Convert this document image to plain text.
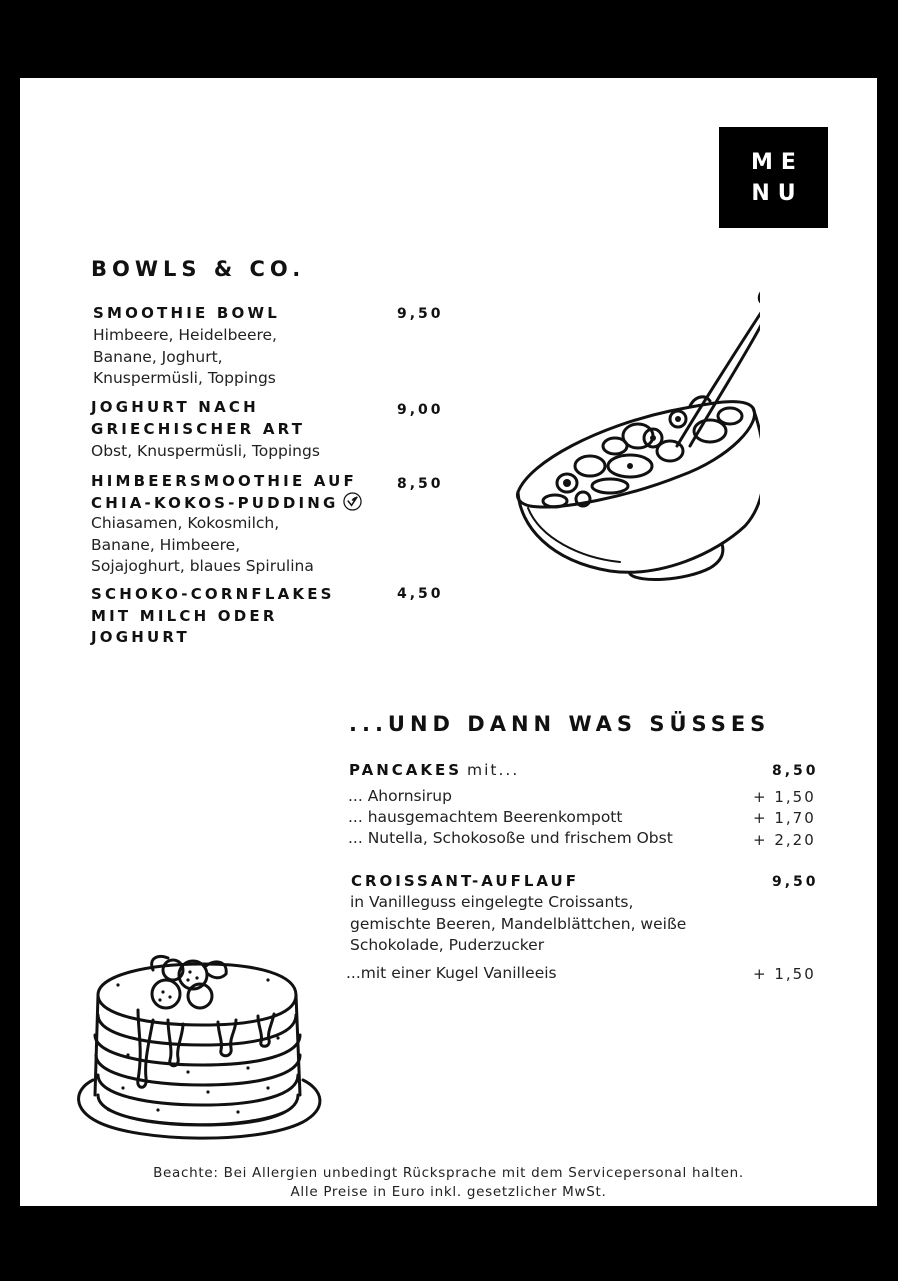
ME
NU
BOWLS & CO.
SMOOTHIE BOWL
Himbeere, Heidelbeere,
Banane, Joghurt,
Knuspermüsli, Toppings
9,50
JOGHURT NACH
GRIECHISCHER ART
Obst, Knuspermüsli, Toppings
9,00
HIMBEERSMOOTHIE AUF
CHIA-KOKOS-PUDDING
Chiasamen, Kokosmilch,
Banane, Himbeere,
Sojajoghurt, blaues Spirulina
8,50
SCHOKO-CORNFLAKES
MIT MILCH ODER
JOGHURT
4,50
...UND DANN WAS SÜSSES
PANCAKES mit...	8,50
... Ahornsirup	+ 1,50
... hausgemachtem Beerenkompott	+ 1,70
... Nutella, Schokosoße und frischem Obst	+ 2,20
CROISSANT-AUFLAUF	9,50
in Vanilleguss eingelegte Croissants,
gemischte Beeren, Mandelblättchen, weiße
Schokolade, Puderzucker
...mit einer Kugel Vanilleeis	+ 1,50
Beachte: Bei Allergien unbedingt Rücksprache mit dem Servicepersonal halten.
Alle Preise in Euro inkl. gesetzlicher MwSt.
